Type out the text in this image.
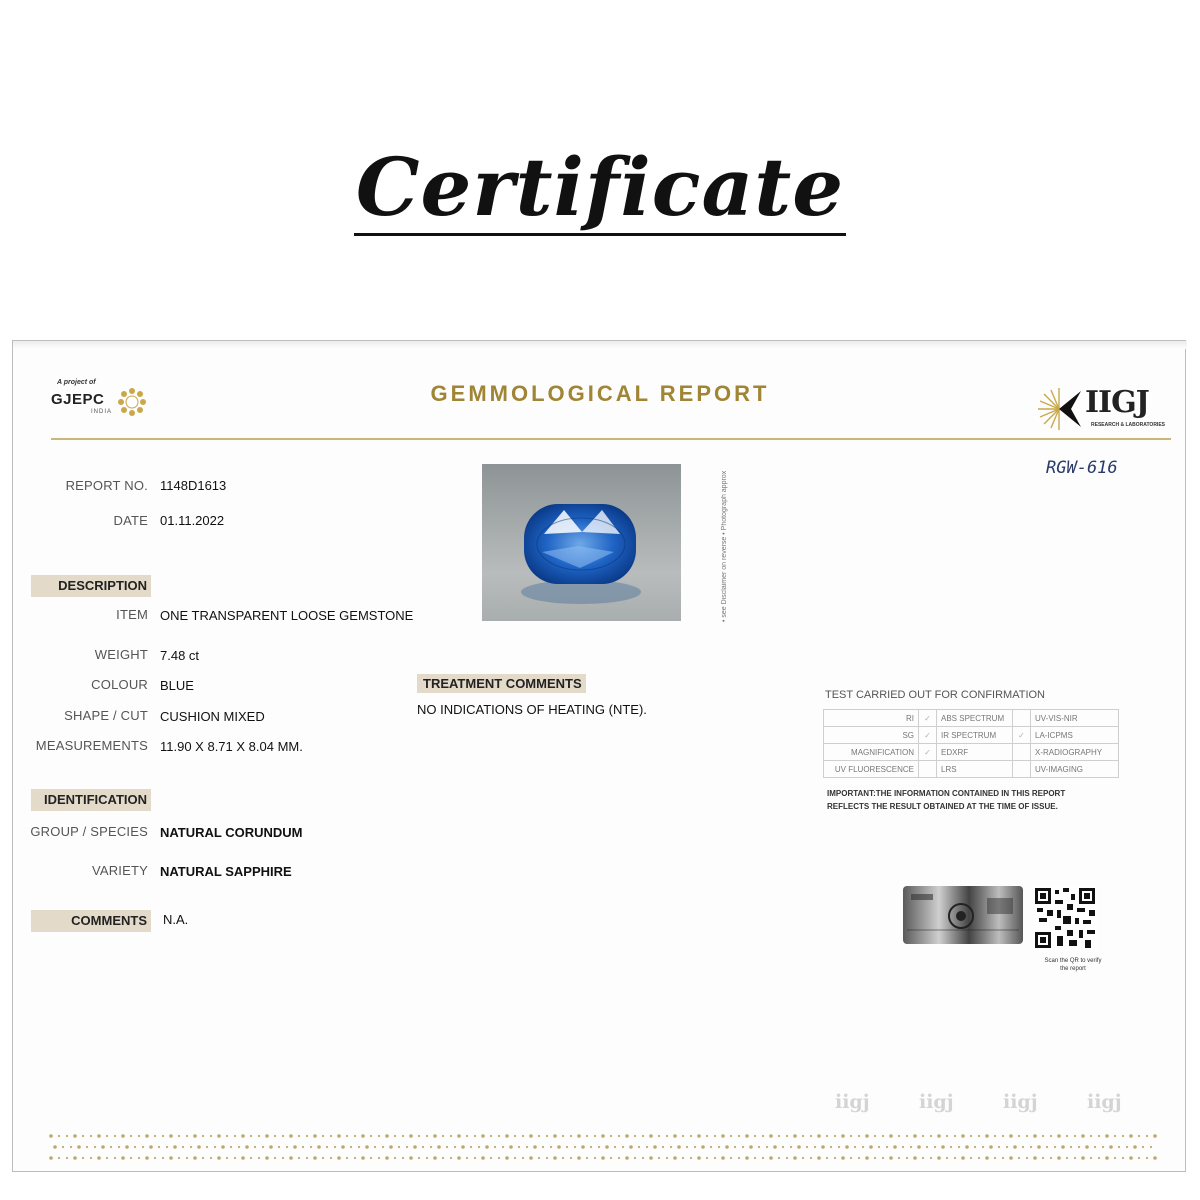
Certificate
A project of
GJEPC
INDIA
GEMMOLOGICAL REPORT	IIGJ
RESEARCH & LABORATORIES
RGW-616
REPORT NO. 1148D1613
DATE 01.11.2022
DESCRIPTION
ITEM ONE TRANSPARENT LOOSE GEMSTONE
WEIGHT 7.48 ct
COLOUR BLUE
SHAPE / CUT CUSHION MIXED
MEASUREMENTS 11.90 X 8.71 X 8.04 MM.
IDENTIFICATION
GROUP / SPECIES NATURAL CORUNDUM
VARIETY NATURAL SAPPHIRE
COMMENTS	N.A.
• see Disclaimer on reverse • Photograph approx
TREATMENT COMMENTS
NO INDICATIONS OF HEATING (NTE).
TEST CARRIED OUT FOR CONFIRMATION
RI	✓	ABS SPECTRUM		UV-VIS-NIR
SG	✓	IR SPECTRUM	✓	LA-ICPMS
MAGNIFICATION	✓	EDXRF		X-RADIOGRAPHY
UV FLUORESCENCE		LRS		UV-IMAGING
IMPORTANT:THE INFORMATION CONTAINED IN THIS REPORT REFLECTS THE RESULT OBTAINED AT THE TIME OF ISSUE.
Scan the QR to verify the report
iigj	iigj	iigj	iigj
